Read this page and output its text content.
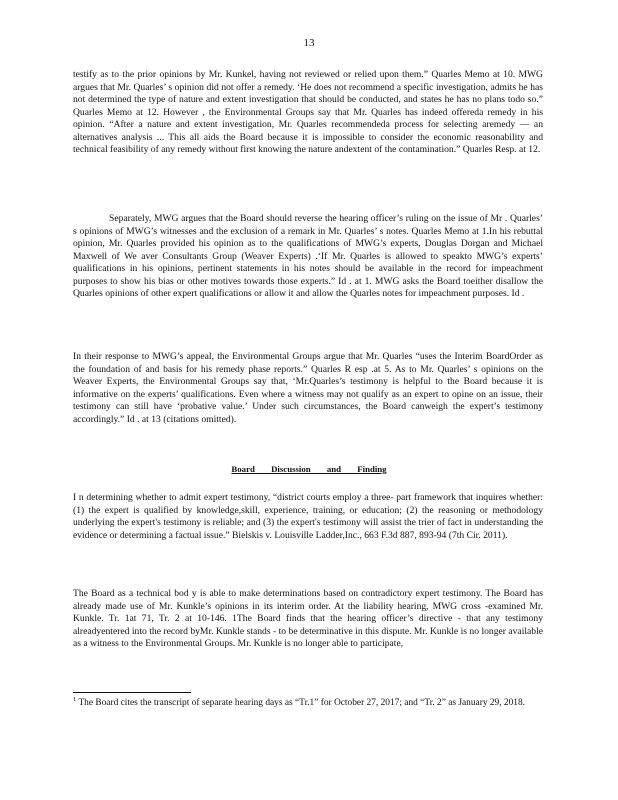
13

testify as to the prior opinions by Mr. Kunkel, having not reviewed or relied upon them.” Quarles Memo at 10. MWG argues that Mr. Quarles’ s opinion did not offer a remedy. ‘He does not recommend a specific investigation, admits he has not determined the type of nature and extent investigation that should be conducted, and states he has no plans todo so.” Quarles Memo at 12. However , the Environmental Groups say that Mr. Quarles has indeed offereda remedy in his opinion. “After a nature and extent investigation, Mr. Quarles recommendeda process for selecting aremedy — an alternatives analysis ... This all aids the Board because it is impossible to consider the economic reasonability and technical feasibility of any remedy without first knowing the nature andextent of the contamination.” Quarles Resp. at 12.

Separately, MWG argues that the Board should reverse the hearing officer’s ruling on the issue of Mr . Quarles’ s opinions of MWG’s witnesses and the exclusion of a remark in Mr. Quarles’ s notes. Quarles Memo at 1.In his rebuttal opinion, Mr. Quarles provided his opinion as to the qualifications of MWG’s experts, Douglas Dorgan and Michael Maxwell of We aver Consultants Group (Weaver Experts) .‘If Mr. Quarles is allowed to speakto MWG’s experts’ qualifications in his opinions, pertinent statements in his notes should be available in the record for impeachment purposes to show his bias or other motives towards those experts.” Id . at 1. MWG asks the Board toeither disallow the Quarles opinions of other expert qualifications or allow it and allow the Quarles notes for impeachment purposes. Id .

In their response to MWG’s appeal, the Environmental Groups argue that Mr. Quarles “uses the Interim BoardOrder as the foundation of and basis for his remedy phase reports.” Quarles R esp .at 5. As to Mr. Quarles’ s opinions on the Weaver Experts, the Environmental Groups say that, ‘Mr.Quarles’s testimony is helpful to the Board because it is informative on the experts’ qualifications. Even where a witness may not qualify as an expert to opine on an issue, their testimony can still have ‘probative value.’ Under such circumstances, the Board canweigh the expert’s testimony accordingly.” Id . at 13 (citations omitted).

Board Discussion and Finding

I n determining whether to admit expert testimony, “district courts employ a three- part framework that inquires whether: (1) the expert is qualified by knowledge,skill, experience, training, or education; (2) the reasoning or methodology underlying the expert's testimony is reliable; and (3) the expert's testimony will assist the trier of fact in understanding the evidence or determining a factual issue.” Bielskis v. Louisville Ladder,Inc., 663 F.3d 887, 893-94 (7th Cir. 2011).

The Board as a technical bod y is able to make determinations based on contradictory expert testimony. The Board has already made use of Mr. Kunkle’s opinions in its interim order. At the liability hearing, MWG cross -examined Mr. Kunkle. Tr. 1at 71, Tr. 2 at 10-146. 1The Board finds that the hearing officer’s directive - that any testimony alreadyentered into the record byMr. Kunkle stands - to be determinative in this dispute. Mr. Kunkle is no longer available as a witness to the Environmental Groups. Mr. Kunkle is no longer able to participate,

$^1$ The Board cites the transcript of separate hearing days as “Tr.1” for October 27, 2017; and “Tr. 2” as January 29, 2018.
